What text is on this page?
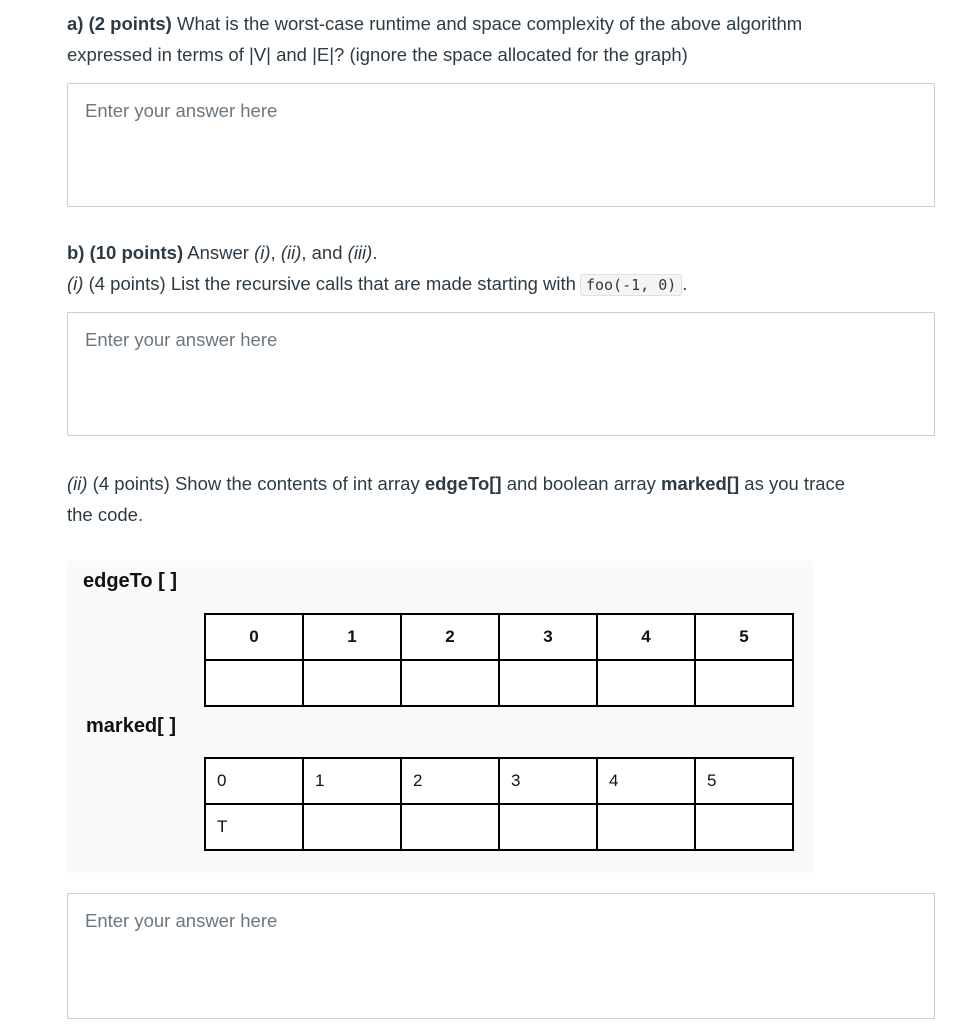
a) (2 points) What is the worst-case runtime and space complexity of the above algorithm

expressed in terms of |V| and |E|? (ignore the space allocated for the graph)

Enter your answer here

b) (10 points) Answer (i), (ii), and (iii).

(i) (4 points) List the recursive calls that are made starting with foo(-1, 0) .

Enter your answer here

(ii) (4 points) Show the contents of int array edgeTo[] and boolean array marked[] as you trace

the code.

edgeTo [ ]
0	1	2	3	4	5

marked[ ]
0	1	2	3	4	5
T					
Enter your answer here
